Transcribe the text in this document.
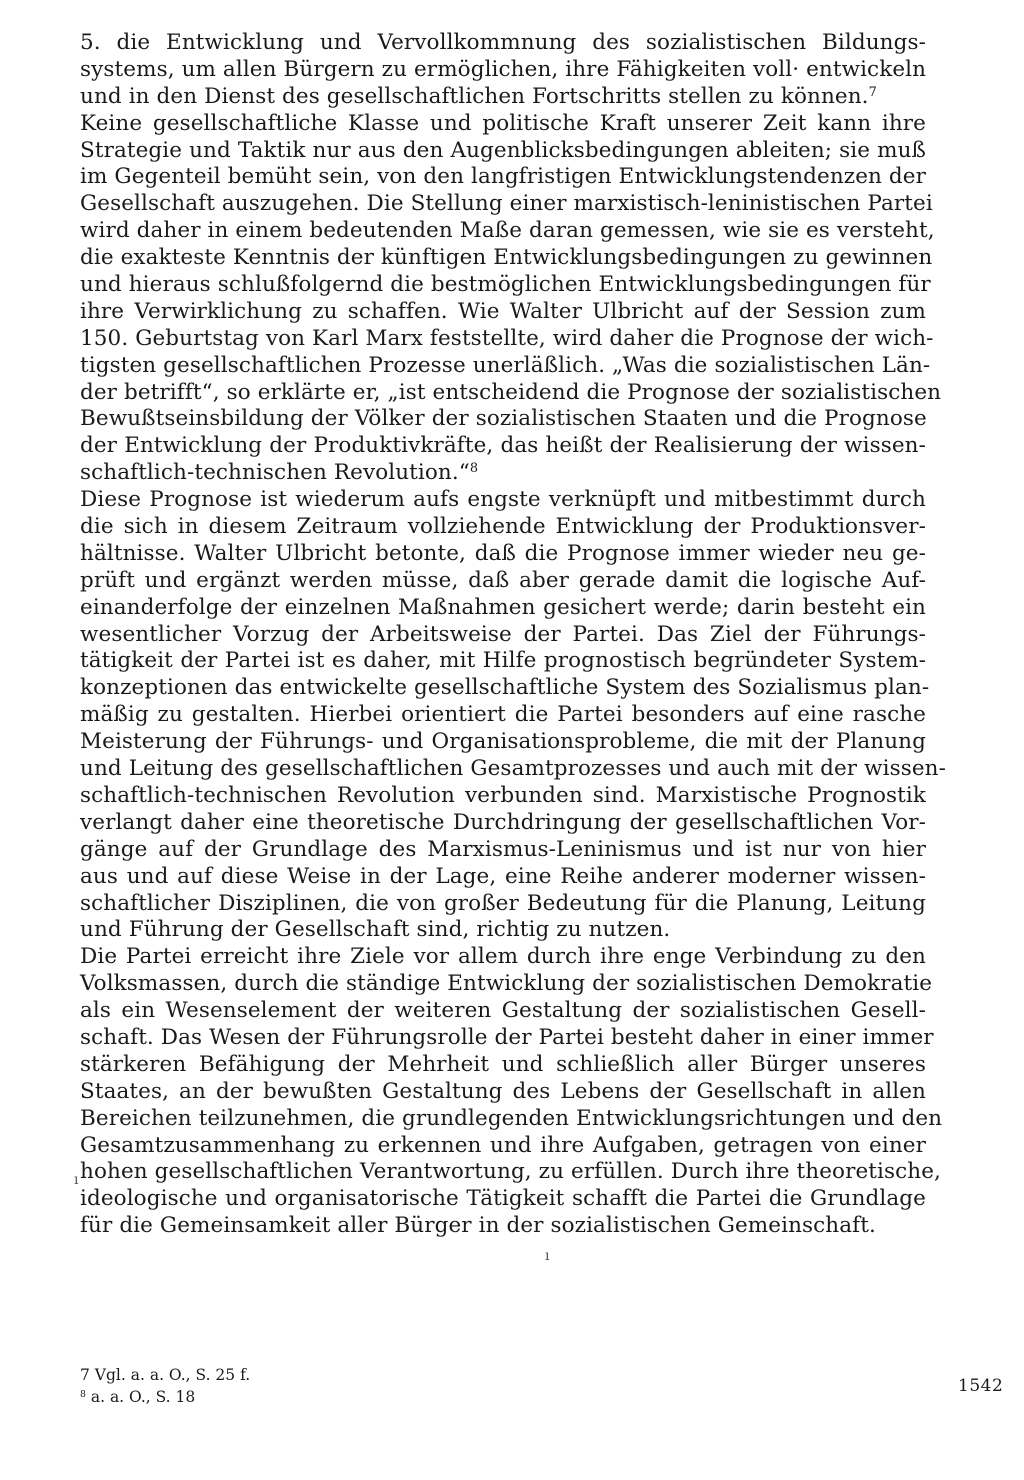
5. die Entwicklung und Vervollkommnung des sozialistischen Bildungs-
systems, um allen Bürgern zu ermöglichen, ihre Fähigkeiten voll· entwickeln
und in den Dienst des gesellschaftlichen Fortschritts stellen zu können.$^7$
Keine gesellschaftliche Klasse und politische Kraft unserer Zeit kann ihre
Strategie und Taktik nur aus den Augenblicksbedingungen ableiten; sie muß
im Gegenteil bemüht sein, von den langfristigen Entwicklungstendenzen der
Gesellschaft auszugehen. Die Stellung einer marxistisch-leninistischen Partei
wird daher in einem bedeutenden Maße daran gemessen, wie sie es versteht,
die exakteste Kenntnis der künftigen Entwicklungsbedingungen zu gewinnen
und hieraus schlußfolgernd die bestmöglichen Entwicklungsbedingungen für
ihre Verwirklichung zu schaffen. Wie Walter Ulbricht auf der Session zum
150. Geburtstag von Karl Marx feststellte, wird daher die Prognose der wich-
tigsten gesellschaftlichen Prozesse unerläßlich. „Was die sozialistischen Län-
der betrifft“, so erklärte er, „ist entscheidend die Prognose der sozialistischen
Bewußtseinsbildung der Völker der sozialistischen Staaten und die Prognose
der Entwicklung der Produktivkräfte, das heißt der Realisierung der wissen-
schaftlich-technischen Revolution.“$^8$
Diese Prognose ist wiederum aufs engste verknüpft und mitbestimmt durch
die sich in diesem Zeitraum vollziehende Entwicklung der Produktionsver-
hältnisse. Walter Ulbricht betonte, daß die Prognose immer wieder neu ge-
prüft und ergänzt werden müsse, daß aber gerade damit die logische Auf-
einanderfolge der einzelnen Maßnahmen gesichert werde; darin besteht ein
wesentlicher Vorzug der Arbeitsweise der Partei. Das Ziel der Führungs-
tätigkeit der Partei ist es daher, mit Hilfe prognostisch begründeter System-
konzeptionen das entwickelte gesellschaftliche System des Sozialismus plan-
mäßig zu gestalten. Hierbei orientiert die Partei besonders auf eine rasche
Meisterung der Führungs- und Organisationsprobleme, die mit der Planung
und Leitung des gesellschaftlichen Gesamtprozesses und auch mit der wissen-
schaftlich-technischen Revolution verbunden sind. Marxistische Prognostik
verlangt daher eine theoretische Durchdringung der gesellschaftlichen Vor-
gänge auf der Grundlage des Marxismus-Leninismus und ist nur von hier
aus und auf diese Weise in der Lage, eine Reihe anderer moderner wissen-
schaftlicher Disziplinen, die von großer Bedeutung für die Planung, Leitung
und Führung der Gesellschaft sind, richtig zu nutzen.
Die Partei erreicht ihre Ziele vor allem durch ihre enge Verbindung zu den
Volksmassen, durch die ständige Entwicklung der sozialistischen Demokratie
als ein Wesenselement der weiteren Gestaltung der sozialistischen Gesell-
schaft. Das Wesen der Führungsrolle der Partei besteht daher in einer immer
stärkeren Befähigung der Mehrheit und schließlich aller Bürger unseres
Staates, an der bewußten Gestaltung des Lebens der Gesellschaft in allen
Bereichen teilzunehmen, die grundlegenden Entwicklungsrichtungen und den
Gesamtzusammenhang zu erkennen und ihre Aufgaben, getragen von einer
hohen gesellschaftlichen Verantwortung, zu erfüllen. Durch ihre theoretische,
ideologische und organisatorische Tätigkeit schafft die Partei die Grundlage
für die Gemeinsamkeit aller Bürger in der sozialistischen Gemeinschaft.
ı
ı
7 Vgl. a. a. O., S. 25 f.
$^8$ a. a. O., S. 18
1542
